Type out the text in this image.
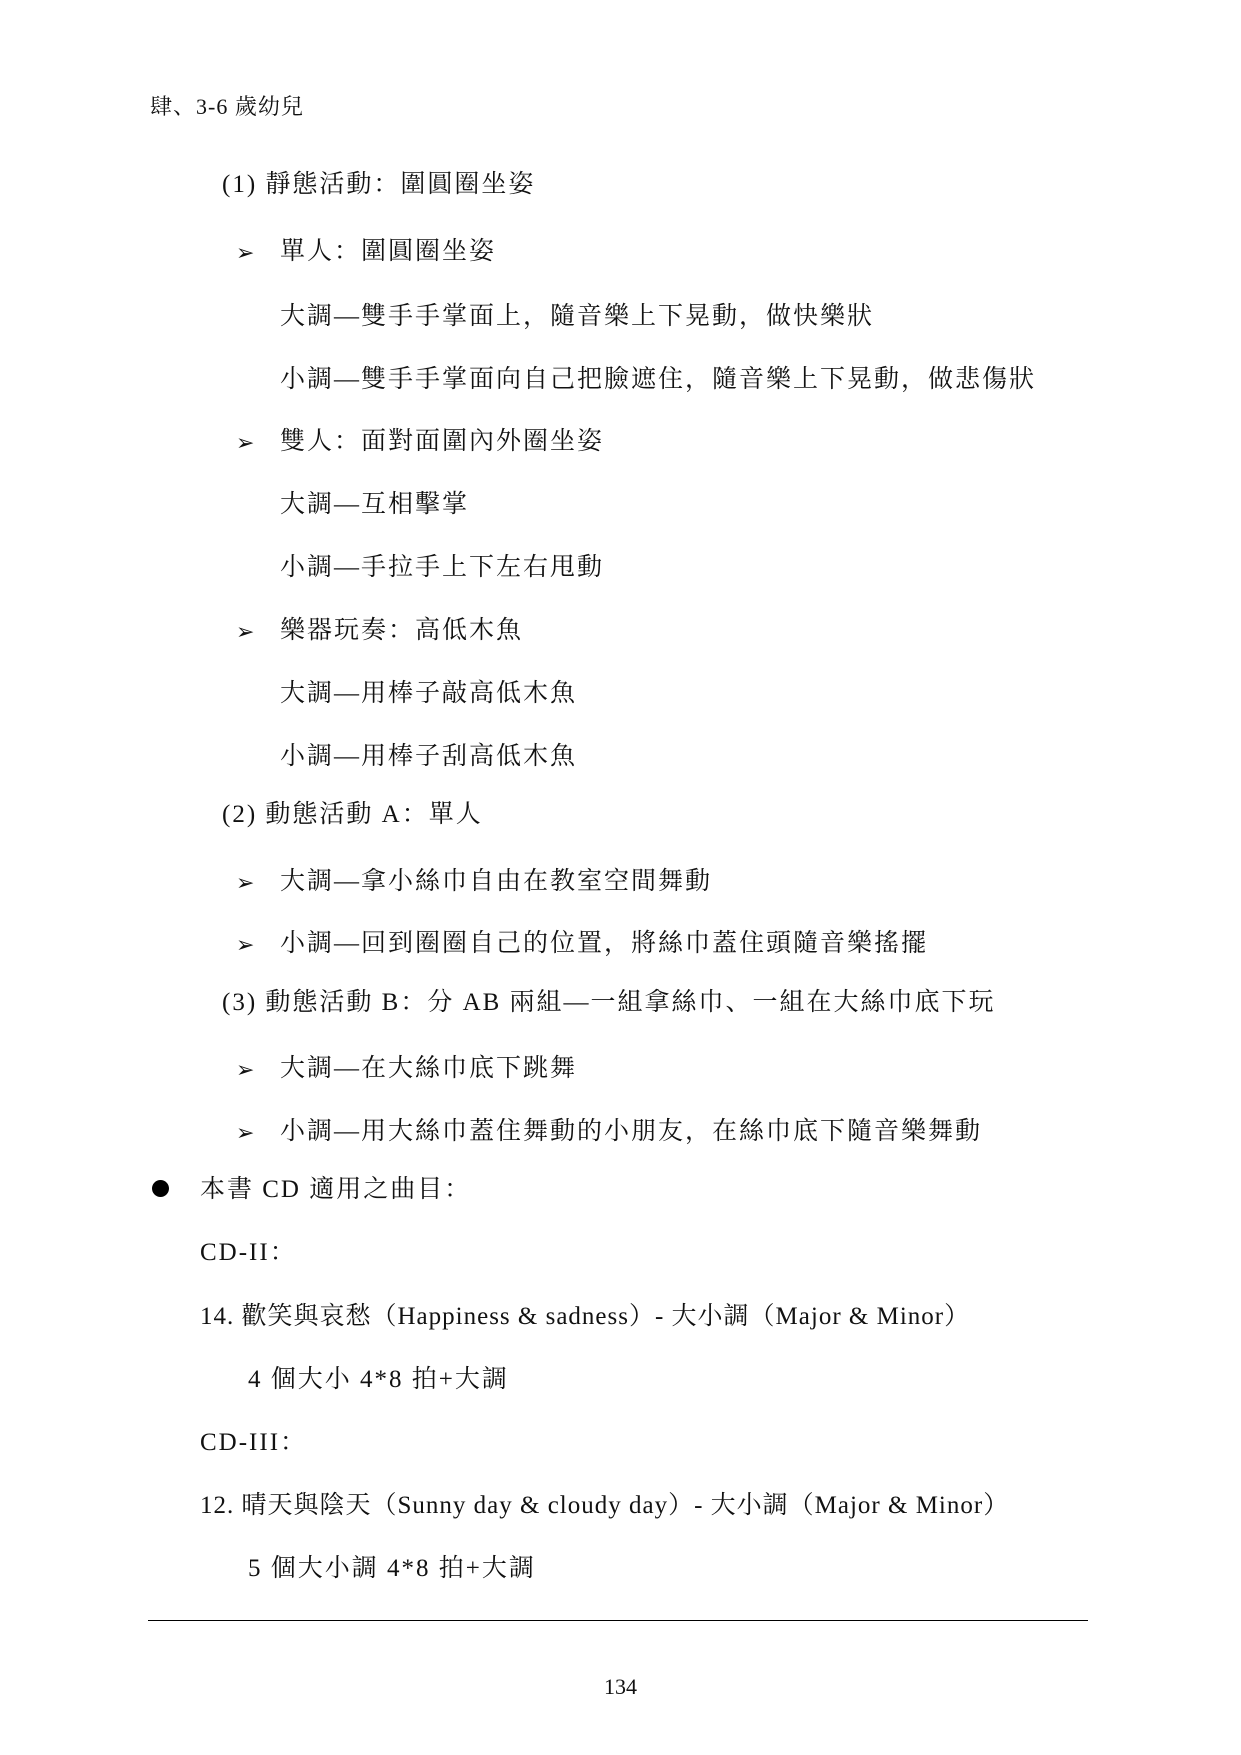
肆、3-6 歲幼兒
(1) 靜態活動：圍圓圈坐姿
➢ 單人：圍圓圈坐姿
大調—雙手手掌面上，隨音樂上下晃動，做快樂狀
小調—雙手手掌面向自己把臉遮住，隨音樂上下晃動，做悲傷狀
➢ 雙人：面對面圍內外圈坐姿
大調—互相擊掌
小調—手拉手上下左右甩動
➢ 樂器玩奏：高低木魚
大調—用棒子敲高低木魚
小調—用棒子刮高低木魚
(2) 動態活動 A：單人
➢ 大調—拿小絲巾自由在教室空間舞動
➢ 小調—回到圈圈自己的位置，將絲巾蓋住頭隨音樂搖擺
(3) 動態活動 B：分 AB 兩組—一組拿絲巾、一組在大絲巾底下玩
➢ 大調—在大絲巾底下跳舞
➢ 小調—用大絲巾蓋住舞動的小朋友，在絲巾底下隨音樂舞動
本書 CD 適用之曲目：
CD-II：
14. 歡笑與哀愁（Happiness & sadness）- 大小調（Major & Minor）
4 個大小 4*8 拍+大調
CD-III：
12. 晴天與陰天（Sunny day & cloudy day）- 大小調（Major & Minor）
5 個大小調 4*8 拍+大調
134
